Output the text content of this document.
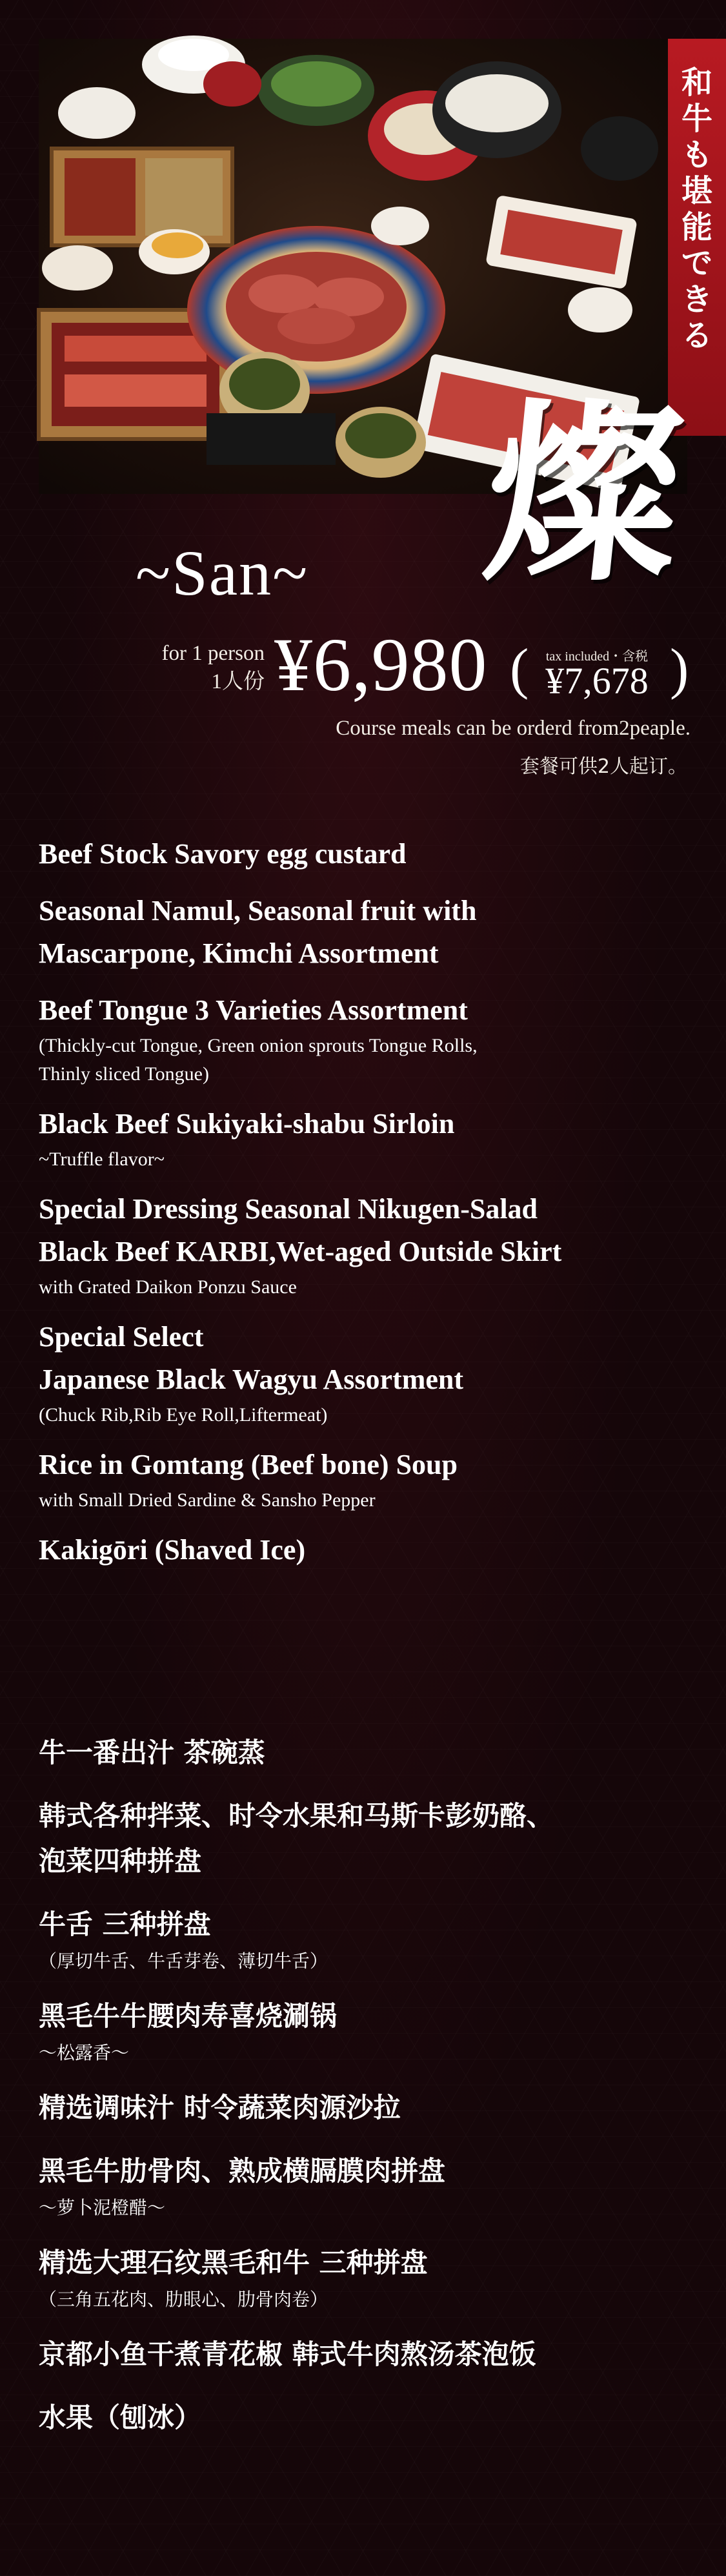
和
牛
も
堪
能
で
き
る
燦
~San~
for 1 person
1人份 ¥6,980 (	tax included・含税
¥7,678 )
Course meals can be orderd from2peaple.
套餐可供2人起订。
Beef Stock Savory egg custard
Seasonal Namul, Seasonal fruit with
Mascarpone, Kimchi Assortment
Beef Tongue 3 Varieties Assortment
(Thickly-cut Tongue, Green onion sprouts Tongue Rolls,
Thinly sliced Tongue)
Black Beef Sukiyaki-shabu Sirloin
~Truffle flavor~
Special Dressing Seasonal Nikugen-Salad
Black Beef KARBI,Wet-aged Outside Skirt
with Grated Daikon Ponzu Sauce
Special Select
Japanese Black Wagyu Assortment
(Chuck Rib,Rib Eye Roll,Liftermeat)
Rice in Gomtang (Beef bone) Soup
with Small Dried Sardine & Sansho Pepper
Kakigōri (Shaved Ice)
牛一番出汁 茶碗蒸
韩式各种拌菜、时令水果和马斯卡彭奶酪、
泡菜四种拼盘
牛舌 三种拼盘
（厚切牛舌、牛舌芽卷、薄切牛舌）
黑毛牛牛腰肉寿喜烧涮锅
～松露香～
精选调味汁 时令蔬菜肉源沙拉
黑毛牛肋骨肉、熟成横膈膜肉拼盘
～萝卜泥橙醋～
精选大理石纹黑毛和牛 三种拼盘
（三角五花肉、肋眼心、肋骨肉卷）
京都小鱼干煮青花椒 韩式牛肉熬汤茶泡饭
水果（刨冰）
